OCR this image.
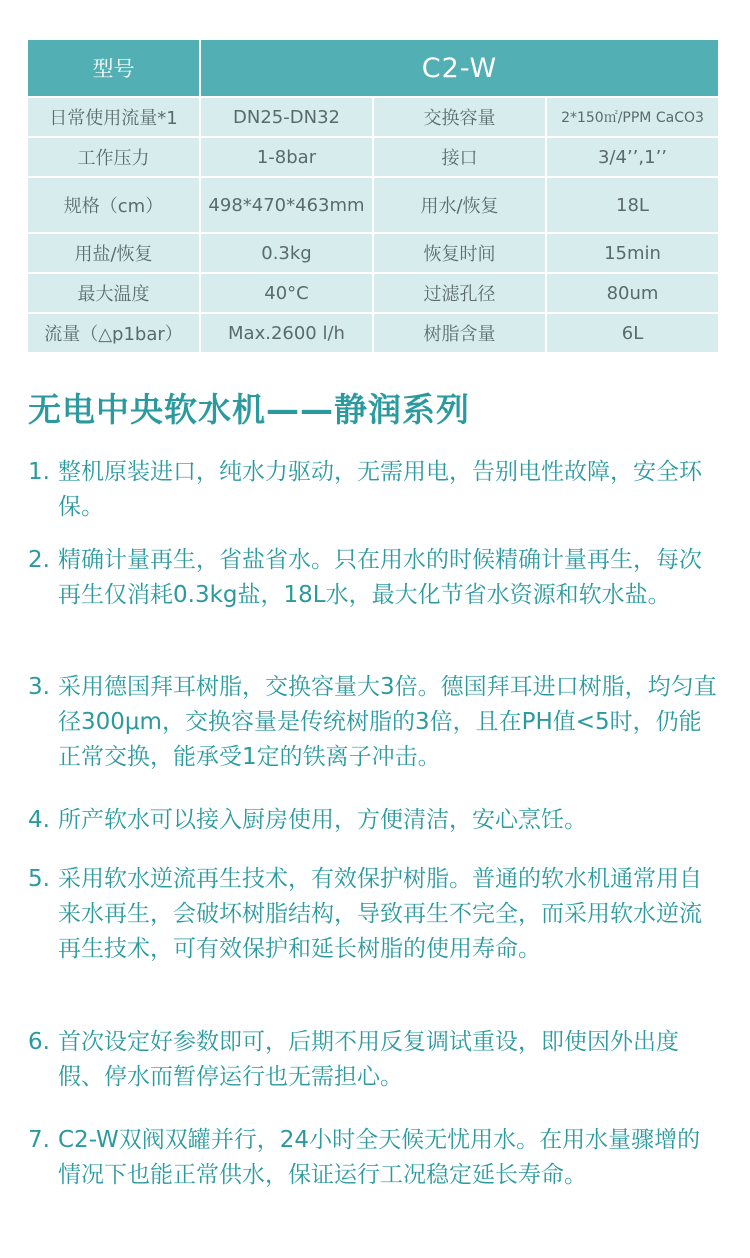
型号	C2-W
日常使用流量*1	DN25-DN32	交换容量	2*150㎡/PPM CaCO3
工作压力	1-8bar	接口	3/4’’,1’’
规格（cm）	498*470*463mm	用水/恢复	18L
用盐/恢复	0.3kg	恢复时间	15min
最大温度	40°C	过滤孔径	80um
流量（△p1bar）	Max.2600 l/h	树脂含量	6L
无电中央软水机——静润系列
1. 整机原装进口，纯水力驱动，无需用电，告别电性故障，安全环保。
2. 精确计量再生，省盐省水。只在用水的时候精确计量再生，每次再生仅消耗0.3kg盐，18L水，最大化节省水资源和软水盐。
3. 采用德国拜耳树脂，交换容量大3倍。德国拜耳进口树脂，均匀直径300μm，交换容量是传统树脂的3倍，且在PH值<5时，仍能正常交换，能承受1定的铁离子冲击。
4. 所产软水可以接入厨房使用，方便清洁，安心烹饪。
5. 采用软水逆流再生技术，有效保护树脂。普通的软水机通常用自来水再生，会破坏树脂结构，导致再生不完全，而采用软水逆流再生技术，可有效保护和延长树脂的使用寿命。
6. 首次设定好参数即可，后期不用反复调试重设，即使因外出度假、停水而暂停运行也无需担心。
7. C2-W双阀双罐并行，24小时全天候无忧用水。在用水量骤增的情况下也能正常供水，保证运行工况稳定延长寿命。
